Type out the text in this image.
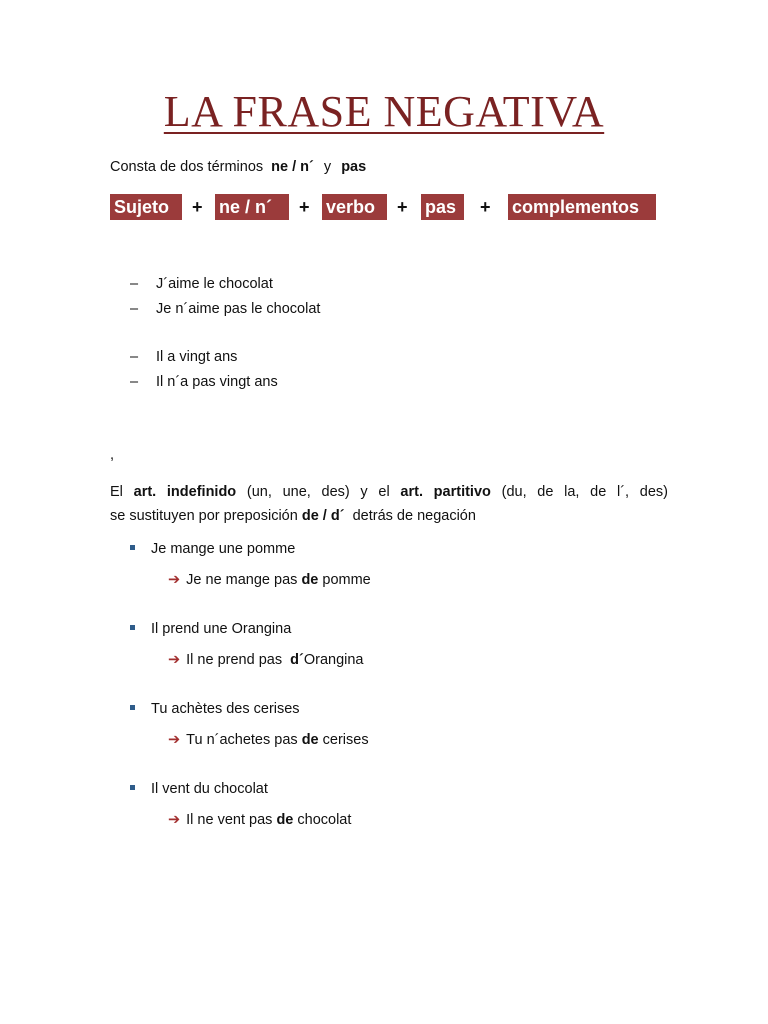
LA FRASE NEGATIVA
Consta de dos términos ne / n´ y pas
Sujeto	+ ne / n´	+ verbo	+ pas	+ complementos
– J´aime le chocolat
– Je n´aime pas le chocolat
– Il a vingt ans
– Il n´a pas vingt ans
,
El art. indefinido (un, une, des) y el art. partitivo (du, de la, de l´, des)
se sustituyen por preposición de / d´ detrás de negación
Je mange une pomme
➔ Je ne mange pas de pomme
Il prend une Orangina
➔ Il ne prend pas d´Orangina
Tu achètes des cerises
➔ Tu n´achetes pas de cerises
Il vent du chocolat
➔ Il ne vent pas de chocolat
